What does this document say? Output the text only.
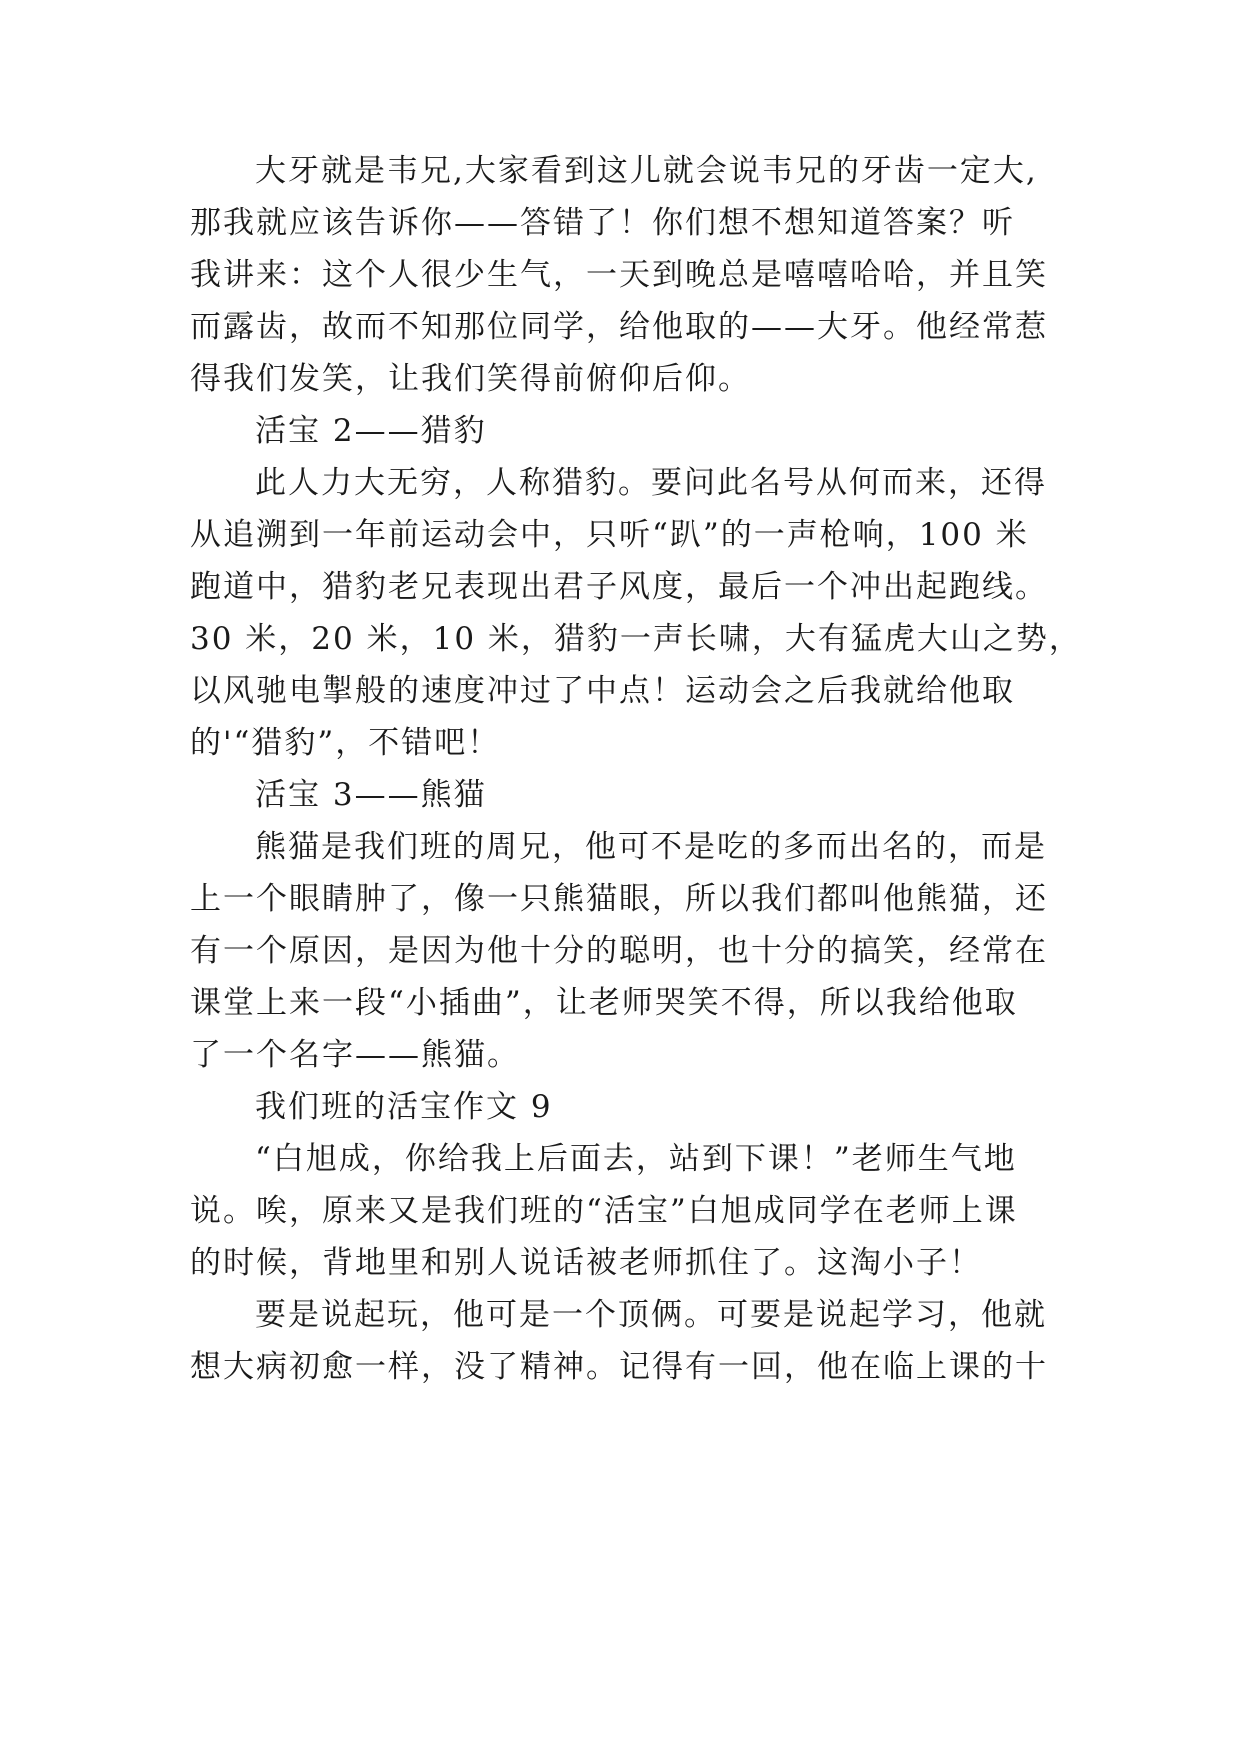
大牙就是韦兄,大家看到这儿就会说韦兄的牙齿一定大,
那我就应该告诉你——答错了！你们想不想知道答案？听
我讲来：这个人很少生气，一天到晚总是嘻嘻哈哈，并且笑
而露齿，故而不知那位同学，给他取的——大牙。他经常惹
得我们发笑，让我们笑得前俯仰后仰。
活宝 2——猎豹
此人力大无穷，人称猎豹。要问此名号从何而来，还得
从追溯到一年前运动会中，只听“趴”的一声枪响，100 米
跑道中，猎豹老兄表现出君子风度，最后一个冲出起跑线。
30 米，20 米，10 米，猎豹一声长啸，大有猛虎大山之势，
以风驰电掣般的速度冲过了中点！运动会之后我就给他取
的'“猎豹”，不错吧！
活宝 3——熊猫
熊猫是我们班的周兄，他可不是吃的多而出名的，而是
上一个眼睛肿了，像一只熊猫眼，所以我们都叫他熊猫，还
有一个原因，是因为他十分的聪明，也十分的搞笑，经常在
课堂上来一段“小插曲”，让老师哭笑不得，所以我给他取
了一个名字——熊猫。
我们班的活宝作文 9
“白旭成，你给我上后面去，站到下课！”老师生气地
说。唉，原来又是我们班的“活宝”白旭成同学在老师上课
的时候，背地里和别人说话被老师抓住了。这淘小子！
要是说起玩，他可是一个顶俩。可要是说起学习，他就
想大病初愈一样，没了精神。记得有一回，他在临上课的十
